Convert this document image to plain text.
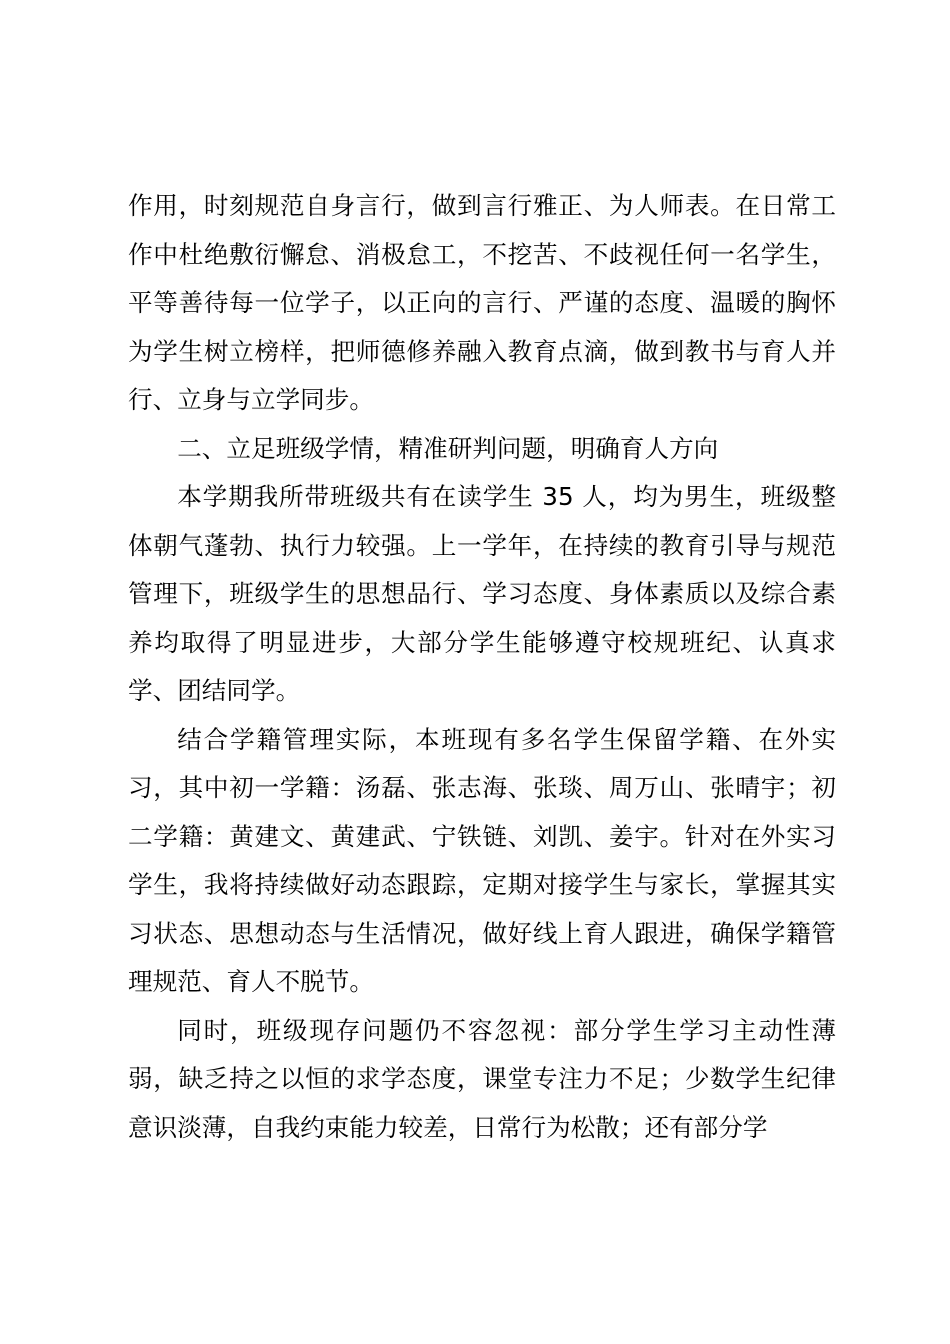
作用，时刻规范自身言行，做到言行雅正、为人师表。在日常工作中杜绝敷衍懈怠、消极怠工，不挖苦、不歧视任何一名学生，平等善待每一位学子，以正向的言行、严谨的态度、温暖的胸怀为学生树立榜样，把师德修养融入教育点滴，做到教书与育人并行、立身与立学同步。

二、立足班级学情，精准研判问题，明确育人方向

本学期我所带班级共有在读学生 35 人，均为男生，班级整体朝气蓬勃、执行力较强。上一学年，在持续的教育引导与规范管理下，班级学生的思想品行、学习态度、身体素质以及综合素养均取得了明显进步，大部分学生能够遵守校规班纪、认真求学、团结同学。

结合学籍管理实际，本班现有多名学生保留学籍、在外实习，其中初一学籍：汤磊、张志海、张琰、周万山、张晴宇；初二学籍：黄建文、黄建武、宁铁链、刘凯、姜宇。针对在外实习学生，我将持续做好动态跟踪，定期对接学生与家长，掌握其实习状态、思想动态与生活情况，做好线上育人跟进，确保学籍管理规范、育人不脱节。

同时，班级现存问题仍不容忽视：部分学生学习主动性薄弱，缺乏持之以恒的求学态度，课堂专注力不足；少数学生纪律意识淡薄，自我约束能力较差，日常行为松散；还有部分学
